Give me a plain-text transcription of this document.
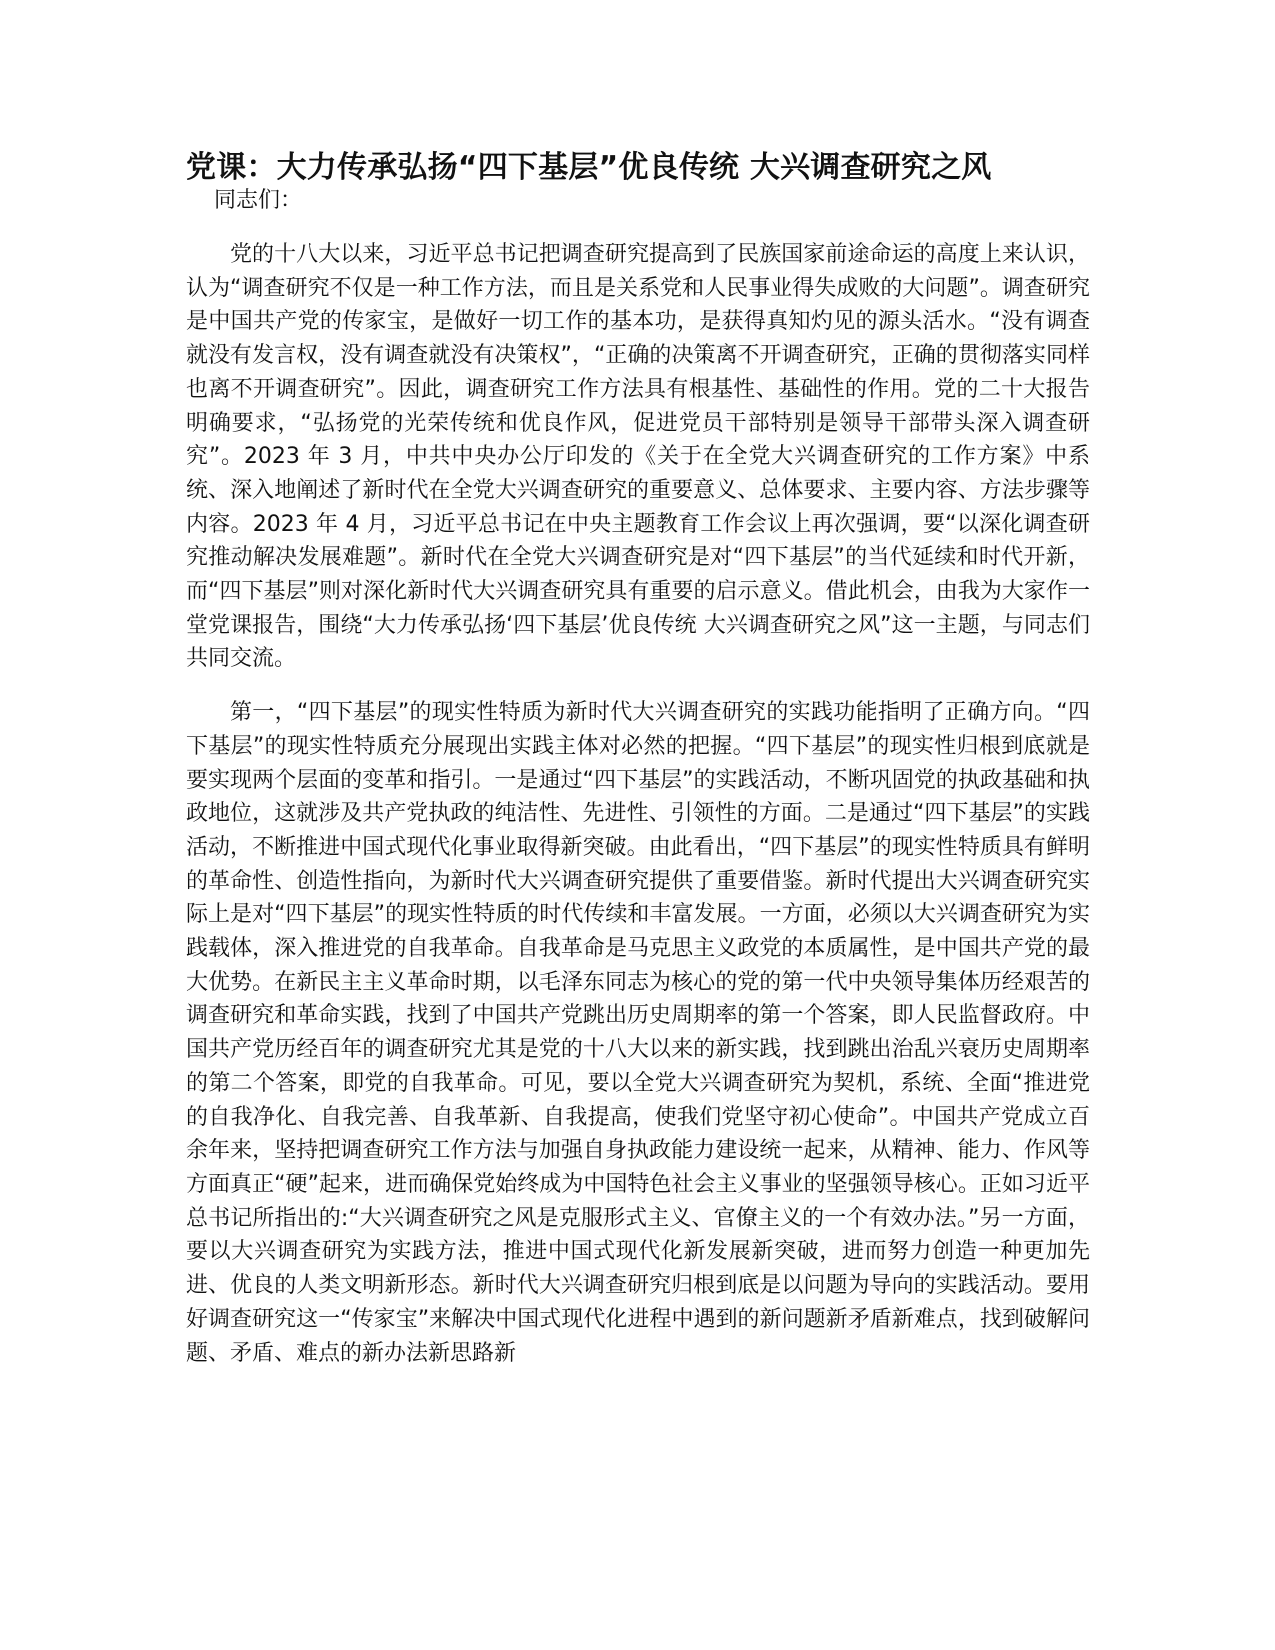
党课：大力传承弘扬“四下基层”优良传统 大兴调查研究之风

同志们：

党的十八大以来，习近平总书记把调查研究提高到了民族国家前途命运的高度上来认识，认为“调查研究不仅是一种工作方法，而且是关系党和人民事业得失成败的大问题”。调查研究是中国共产党的传家宝，是做好一切工作的基本功，是获得真知灼见的源头活水。“没有调查就没有发言权，没有调查就没有决策权”，“正确的决策离不开调查研究，正确的贯彻落实同样也离不开调查研究”。因此，调查研究工作方法具有根基性、基础性的作用。党的二十大报告明确要求，“弘扬党的光荣传统和优良作风，促进党员干部特别是领导干部带头深入调查研究”。2023 年 3 月，中共中央办公厅印发的《关于在全党大兴调查研究的工作方案》中系统、深入地阐述了新时代在全党大兴调查研究的重要意义、总体要求、主要内容、方法步骤等内容。2023 年 4 月，习近平总书记在中央主题教育工作会议上再次强调，要“以深化调查研究推动解决发展难题”。新时代在全党大兴调查研究是对“四下基层”的当代延续和时代开新，而“四下基层”则对深化新时代大兴调查研究具有重要的启示意义。借此机会，由我为大家作一堂党课报告，围绕“大力传承弘扬‘四下基层’优良传统 大兴调查研究之风”这一主题，与同志们共同交流。

第一，“四下基层”的现实性特质为新时代大兴调查研究的实践功能指明了正确方向。“四下基层”的现实性特质充分展现出实践主体对必然的把握。“四下基层”的现实性归根到底就是要实现两个层面的变革和指引。一是通过“四下基层”的实践活动，不断巩固党的执政基础和执政地位，这就涉及共产党执政的纯洁性、先进性、引领性的方面。二是通过“四下基层”的实践活动，不断推进中国式现代化事业取得新突破。由此看出，“四下基层”的现实性特质具有鲜明的革命性、创造性指向，为新时代大兴调查研究提供了重要借鉴。新时代提出大兴调查研究实际上是对“四下基层”的现实性特质的时代传续和丰富发展。一方面，必须以大兴调查研究为实践载体，深入推进党的自我革命。自我革命是马克思主义政党的本质属性，是中国共产党的最大优势。在新民主主义革命时期，以毛泽东同志为核心的党的第一代中央领导集体历经艰苦的调查研究和革命实践，找到了中国共产党跳出历史周期率的第一个答案，即人民监督政府。中国共产党历经百年的调查研究尤其是党的十八大以来的新实践，找到跳出治乱兴衰历史周期率的第二个答案，即党的自我革命。可见，要以全党大兴调查研究为契机，系统、全面“推进党的自我净化、自我完善、自我革新、自我提高，使我们党坚守初心使命”。中国共产党成立百余年来，坚持把调查研究工作方法与加强自身执政能力建设统一起来，从精神、能力、作风等方面真正“硬”起来，进而确保党始终成为中国特色社会主义事业的坚强领导核心。正如习近平总书记所指出的:“大兴调查研究之风是克服形式主义、官僚主义的一个有效办法。”另一方面，要以大兴调查研究为实践方法，推进中国式现代化新发展新突破，进而努力创造一种更加先进、优良的人类文明新形态。新时代大兴调查研究归根到底是以问题为导向的实践活动。要用好调查研究这一“传家宝”来解决中国式现代化进程中遇到的新问题新矛盾新难点，找到破解问题、矛盾、难点的新办法新思路新
